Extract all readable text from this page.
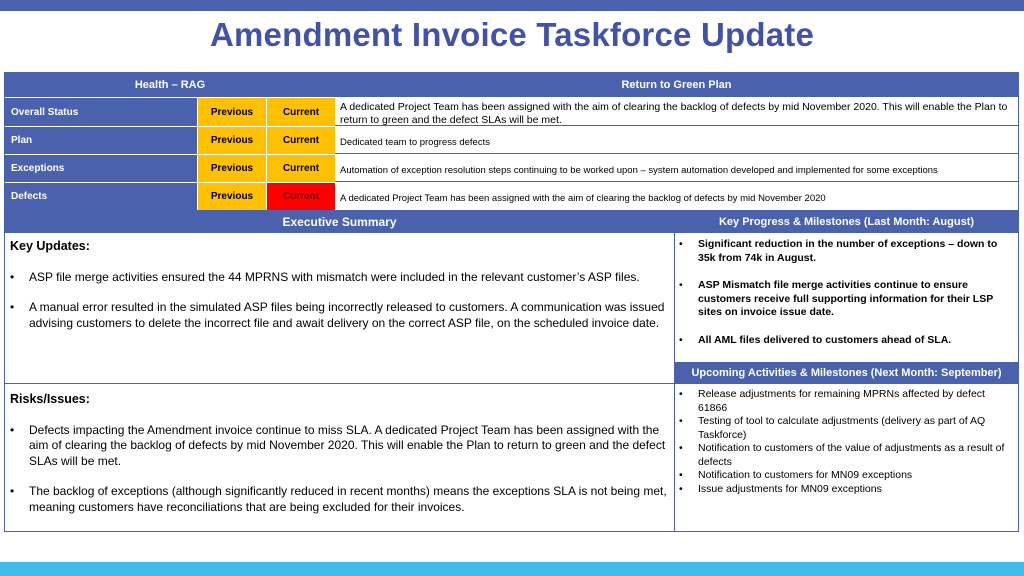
Amendment Invoice Taskforce Update
Health – RAG	Return to Green Plan
Overall Status	Previous	Current	A dedicated Project Team has been assigned with the aim of clearing the backlog of defects by mid November 2020. This will enable the Plan to return to green and the defect SLAs will be met.
Plan	Previous	Current	Dedicated team to progress defects
Exceptions	Previous	Current	Automation of exception resolution steps continuing to be worked upon – system automation developed and implemented for some exceptions
Defects	Previous	Current	A dedicated Project Team has been assigned with the aim of clearing the backlog of defects by mid November 2020
Executive Summary
Key Updates:
•	ASP file merge activities ensured the 44 MPRNS with mismatch were included in the relevant customer’s ASP files.
•	A manual error resulted in the simulated ASP files being incorrectly released to customers. A communication was issued advising customers to delete the incorrect file and await delivery on the correct ASP file, on the scheduled invoice date.
Risks/Issues:
•	Defects impacting the Amendment invoice continue to miss SLA. A dedicated Project Team has been assigned with the aim of clearing the backlog of defects by mid November 2020. This will enable the Plan to return to green and the defect SLAs will be met.
•	The backlog of exceptions (although significantly reduced in recent months) means the exceptions SLA is not being met, meaning customers have reconciliations that are being excluded for their invoices.
Key Progress & Milestones (Last Month: August)
•	Significant reduction in the number of exceptions – down to 35k from 74k in August.
•	ASP Mismatch file merge activities continue to ensure customers receive full supporting information for their LSP sites on invoice issue date.
•	All AML files delivered to customers ahead of SLA.
Upcoming Activities & Milestones (Next Month: September)
•	Release adjustments for remaining MPRNs affected by defect 61866
•	Testing of tool to calculate adjustments (delivery as part of AQ Taskforce)
•	Notification to customers of the value of adjustments as a result of defects
•	Notification to customers for MN09 exceptions
•	Issue adjustments for MN09 exceptions
